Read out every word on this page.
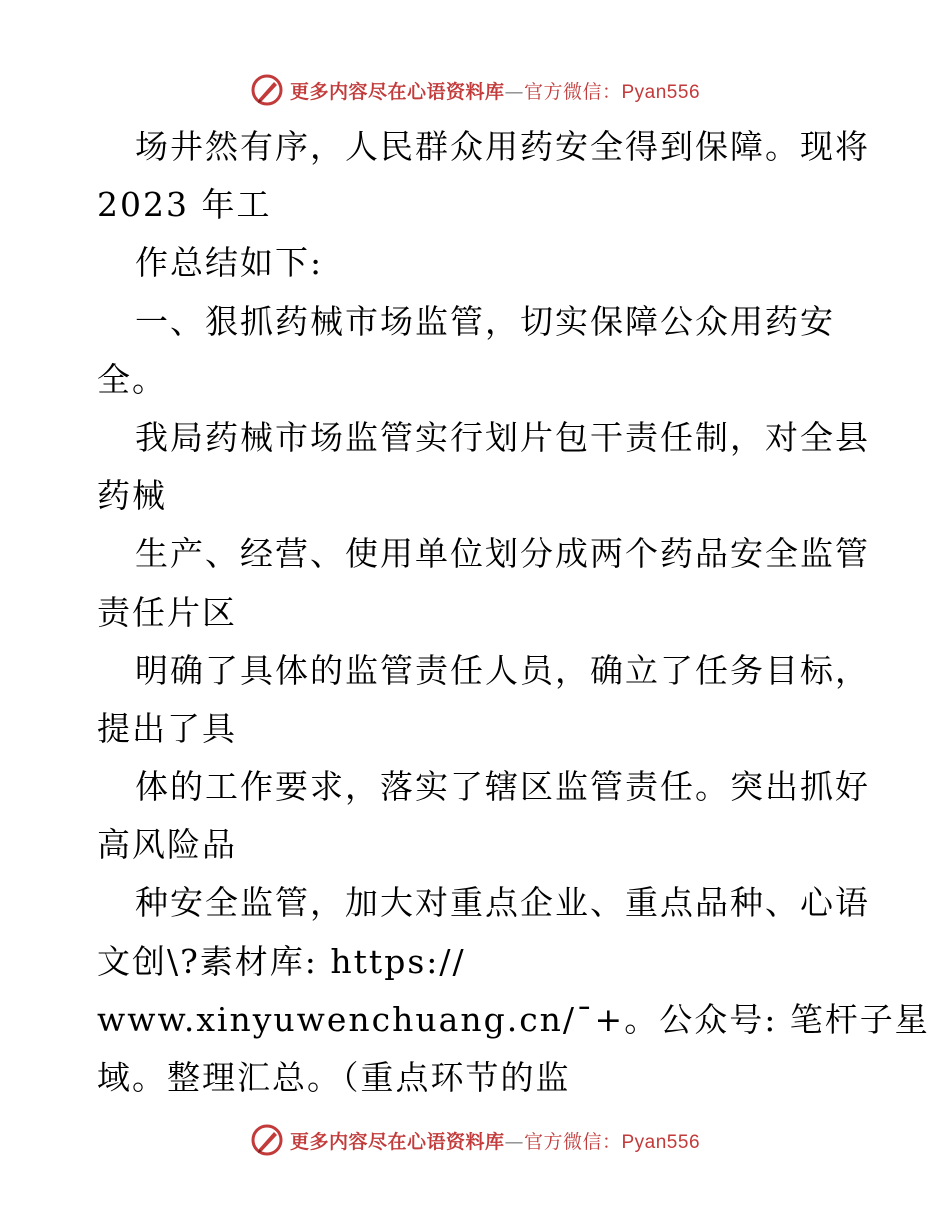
更多内容尽在心语资料库—官方微信：Pyan556
场井然有序，人民群众用药安全得到保障。现将
2023 年工
作总结如下:
一、狠抓药械市场监管，切实保障公众用药安
全。
我局药械市场监管实行划片包干责任制，对全县
药械
生产、经营、使用单位划分成两个药品安全监管
责任片区
明确了具体的监管责任人员，确立了任务目标，
提出了具
体的工作要求，落实了辖区监管责任。突出抓好
高风险品
种安全监管，加大对重点企业、重点品种、心语
文创\?素材库: https://
www.xinyuwenchuang.cn/¯+。公众号: 笔杆子星
域。整理汇总。（重点环节的监
更多内容尽在心语资料库—官方微信：Pyan556
